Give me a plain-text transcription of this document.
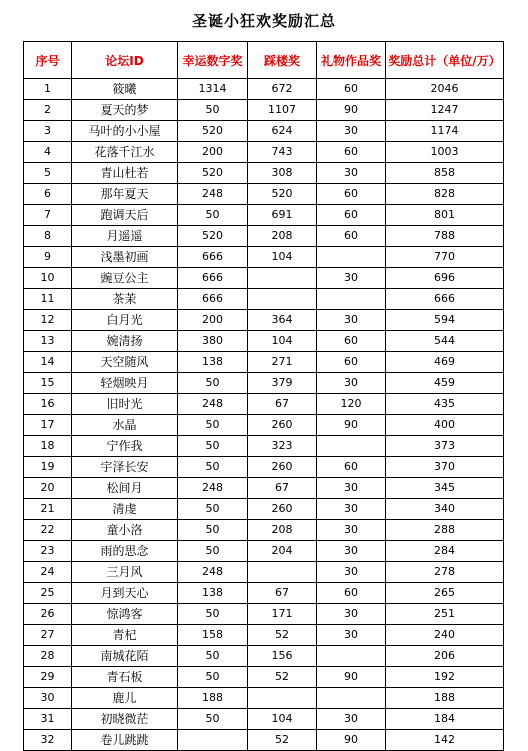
圣诞小狂欢奖励汇总
序号	论坛ID	幸运数字奖	踩楼奖	礼物作品奖	奖励总计（单位/万）
1	筱曦	1314	672	60	2046
2	夏天的梦	50	1107	90	1247
3	马叶的小小屋	520	624	30	1174
4	花落千江水	200	743	60	1003
5	青山杜若	520	308	30	858
6	那年夏天	248	520	60	828
7	跑调天后	50	691	60	801
8	月遥遥	520	208	60	788
9	浅墨初画	666	104		770
10	豌豆公主	666		30	696
11	茶茉	666			666
12	白月光	200	364	30	594
13	婉清扬	380	104	60	544
14	天空随风	138	271	60	469
15	轻烟映月	50	379	30	459
16	旧时光	248	67	120	435
17	水晶	50	260	90	400
18	宁作我	50	323		373
19	宇泽长安	50	260	60	370
20	松间月	248	67	30	345
21	清虔	50	260	30	340
22	童小洛	50	208	30	288
23	雨的思念	50	204	30	284
24	三月风	248		30	278
25	月到天心	138	67	60	265
26	惊鸿客	50	171	30	251
27	青杞	158	52	30	240
28	南城花陌	50	156		206
29	青石板	50	52	90	192
30	鹿儿	188			188
31	初晓微茫	50	104	30	184
32	卷儿跳跳		52	90	142
